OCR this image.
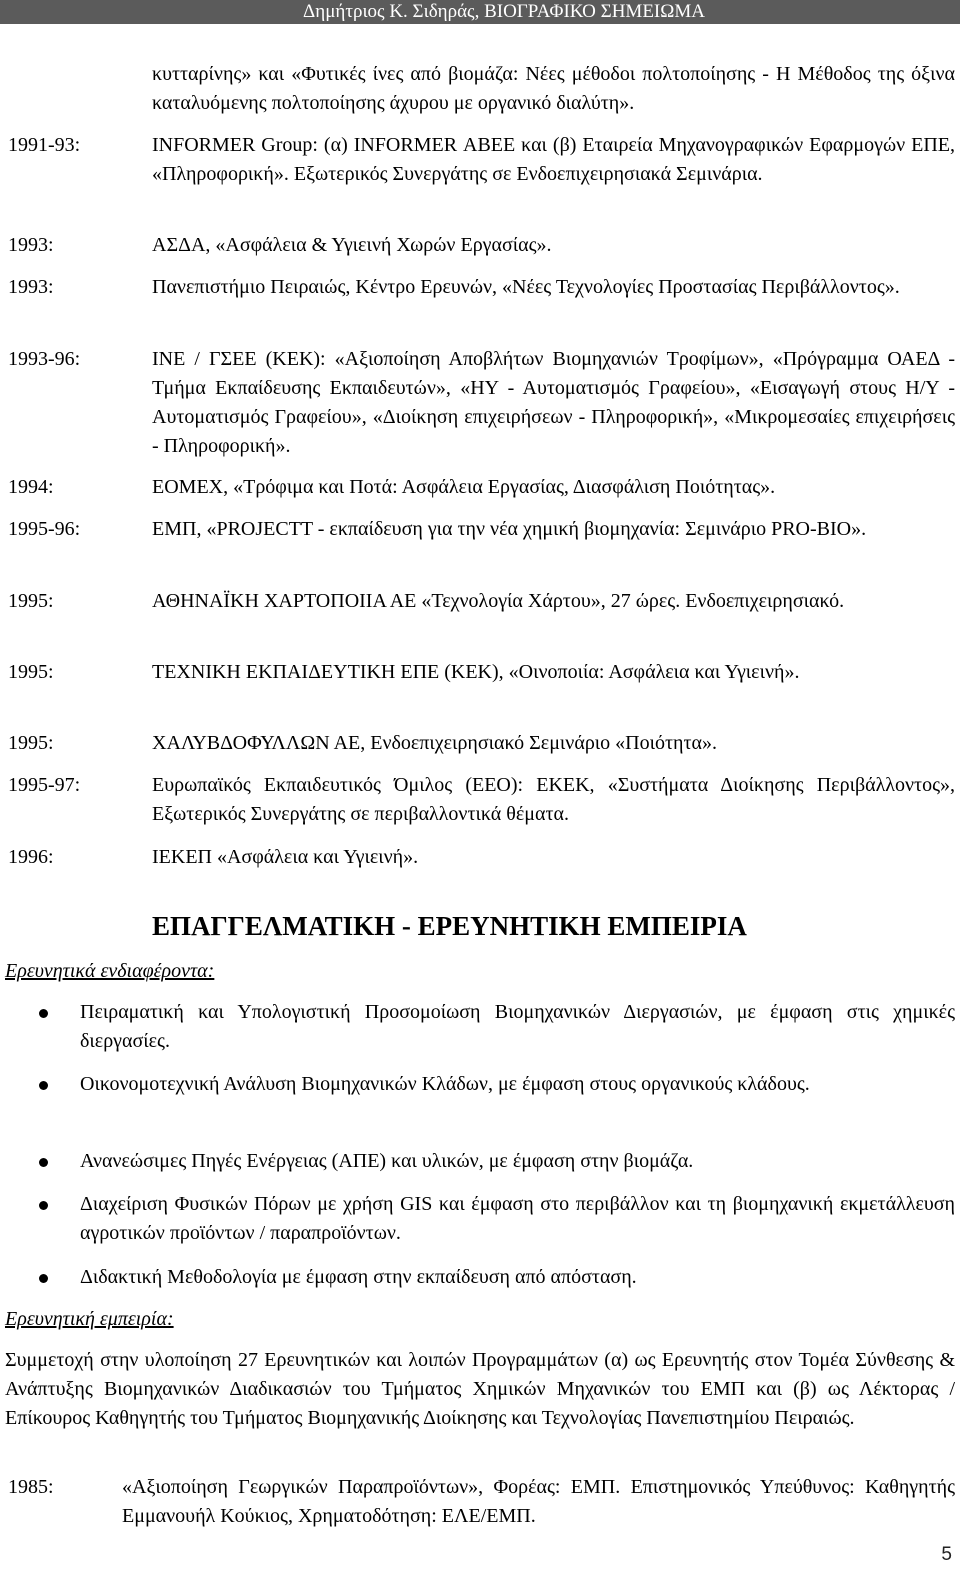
Δημήτριος Κ. Σιδηράς, ΒΙΟΓΡΑΦΙΚΟ ΣΗΜΕΙΩΜΑ
κυτταρίνης» και «Φυτικές ίνες από βιομάζα: Νέες μέθοδοι πολτοποίησης - Η Μέθοδος της όξινα καταλυόμενης πολτοποίησης άχυρου με οργανικό διαλύτη».
1991-93:	INFORMER Group: (α) INFORMER ΑΒΕΕ και (β) Εταιρεία Μηχανογραφικών Εφαρμογών ΕΠΕ, «Πληροφορική». Εξωτερικός Συνεργάτης σε Ενδοεπιχειρησιακά Σεμινάρια.
1993:	ΑΣΔΑ, «Ασφάλεια & Υγιεινή Χωρών Εργασίας».
1993:	Πανεπιστήμιο Πειραιώς, Κέντρο Ερευνών, «Νέες Τεχνολογίες Προστασίας Περιβάλλοντος».
1993-96:	ΙΝΕ / ΓΣΕΕ (ΚΕΚ): «Αξιοποίηση Αποβλήτων Βιομηχανιών Τροφίμων», «Πρόγραμμα ΟΑΕΔ - Τμήμα Εκπαίδευσης Εκπαιδευτών», «ΗΥ - Αυτοματισμός Γραφείου», «Εισαγωγή στους Η/Υ - Αυτοματισμός Γραφείου», «Διοίκηση επιχειρήσεων - Πληροφορική», «Μικρομεσαίες επιχειρήσεις - Πληροφορική».
1994:	ΕΟΜΕΧ, «Τρόφιμα και Ποτά: Ασφάλεια Εργασίας, Διασφάλιση Ποιότητας».
1995-96:	ΕΜΠ, «PROJECTT - εκπαίδευση για την νέα χημική βιομηχανία: Σεμινάριο PRO-BIO».
1995:	ΑΘΗΝΑΪΚΗ ΧΑΡΤΟΠΟΙΙΑ ΑΕ «Τεχνολογία Χάρτου», 27 ώρες. Ενδοεπιχειρησιακό.
1995:	ΤΕΧΝΙΚΗ ΕΚΠΑΙΔΕΥΤΙΚΗ ΕΠΕ (ΚΕΚ), «Οινοποιία: Ασφάλεια και Υγιεινή».
1995:	ΧΑΛΥΒΔΟΦΥΛΛΩΝ ΑΕ, Ενδοεπιχειρησιακό Σεμινάριο «Ποιότητα».
1995-97:	Ευρωπαϊκός Εκπαιδευτικός Όμιλος (ΕΕΟ): ΕΚΕΚ, «Συστήματα Διοίκησης Περιβάλλοντος», Εξωτερικός Συνεργάτης σε περιβαλλοντικά θέματα.
1996:	ΙΕΚΕΠ «Ασφάλεια και Υγιεινή».
ΕΠΑΓΓΕΛΜΑΤΙΚΗ - ΕΡΕΥΝΗΤΙΚΗ ΕΜΠΕΙΡΙΑ
Ερευνητικά ενδιαφέροντα:
Πειραματική και Υπολογιστική Προσομοίωση Βιομηχανικών Διεργασιών, με έμφαση στις χημικές διεργασίες.
Οικονομοτεχνική Ανάλυση Βιομηχανικών Κλάδων, με έμφαση στους οργανικούς κλάδους.
Ανανεώσιμες Πηγές Ενέργειας (ΑΠΕ) και υλικών, με έμφαση στην βιομάζα.
Διαχείριση Φυσικών Πόρων με χρήση GIS και έμφαση στο περιβάλλον και τη βιομηχανική εκμετάλλευση αγροτικών προϊόντων / παραπροϊόντων.
Διδακτική Μεθοδολογία με έμφαση στην εκπαίδευση από απόσταση.
Ερευνητική εμπειρία:
Συμμετοχή στην υλοποίηση 27 Ερευνητικών και λοιπών Προγραμμάτων (α) ως Ερευνητής στον Τομέα Σύνθεσης & Ανάπτυξης Βιομηχανικών Διαδικασιών του Τμήματος Χημικών Μηχανικών του ΕΜΠ και (β) ως Λέκτορας / Επίκουρος Καθηγητής του Τμήματος Βιομηχανικής Διοίκησης και Τεχνολογίας Πανεπιστημίου Πειραιώς.
1985:	«Αξιοποίηση Γεωργικών Παραπροϊόντων», Φορέας: ΕΜΠ. Επιστημονικός Υπεύθυνος: Καθηγητής Εμμανουήλ Κούκιος, Χρηματοδότηση: ΕΛΕ/ΕΜΠ.
5
